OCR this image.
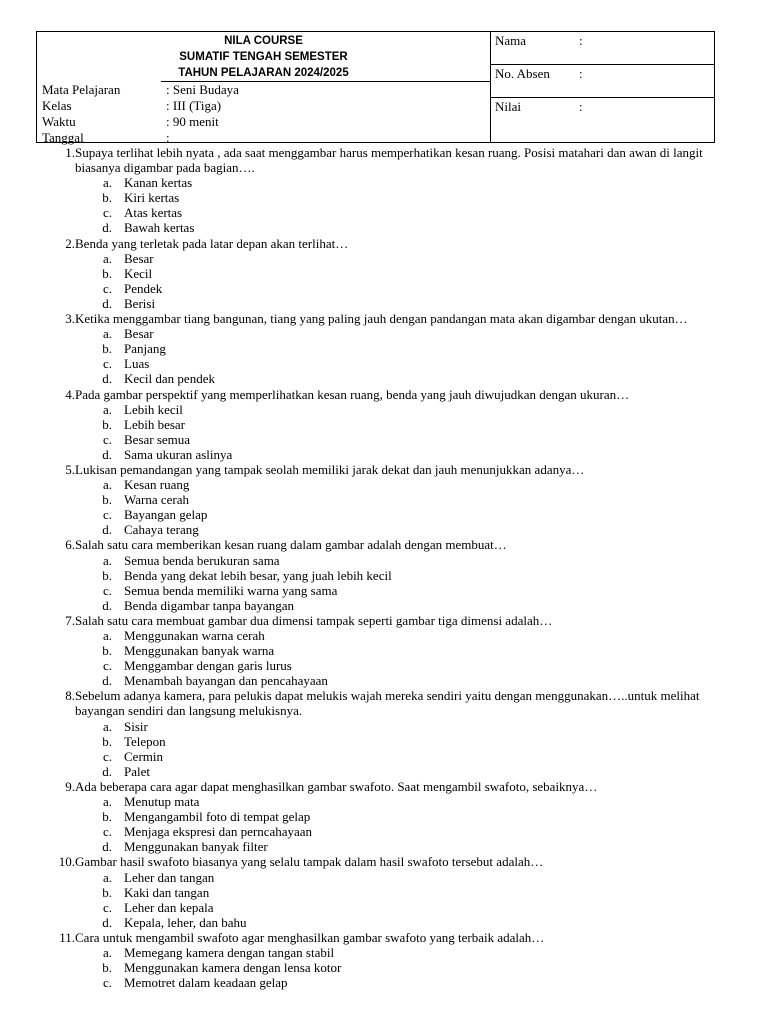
NILA COURSE
SUMATIF TENGAH SEMESTER
TAHUN PELAJARAN 2024/2025
Mata Pelajaran	: Seni Budaya
Kelas	: III (Tiga)
Waktu	: 90 menit
Tanggal	:
Nama	:
No. Absen :
Nilai	:
1. Supaya terlihat lebih nyata , ada saat menggambar harus memperhatikan kesan ruang. Posisi matahari dan awan di langit biasanya digambar pada bagian….
a. Kanan kertas
b. Kiri kertas
c. Atas kertas
d. Bawah kertas
2. Benda yang terletak pada latar depan akan terlihat…
a. Besar
b. Kecil
c. Pendek
d. Berisi
3. Ketika menggambar tiang bangunan, tiang yang paling jauh dengan pandangan mata akan digambar dengan ukutan…
a. Besar
b. Panjang
c. Luas
d. Kecil dan pendek
4. Pada gambar perspektif yang memperlihatkan kesan ruang, benda yang jauh diwujudkan dengan ukuran…
a. Lebih kecil
b. Lebih besar
c. Besar semua
d. Sama ukuran aslinya
5. Lukisan pemandangan yang tampak seolah memiliki jarak dekat dan jauh menunjukkan adanya…
a. Kesan ruang
b. Warna cerah
c. Bayangan gelap
d. Cahaya terang
6. Salah satu cara memberikan kesan ruang dalam gambar adalah dengan membuat…
a. Semua benda berukuran sama
b. Benda yang dekat lebih besar, yang juah lebih kecil
c. Semua benda memiliki warna yang sama
d. Benda digambar tanpa bayangan
7. Salah satu cara membuat gambar dua dimensi tampak seperti gambar tiga dimensi adalah…
a. Menggunakan warna cerah
b. Menggunakan banyak warna
c. Menggambar dengan garis lurus
d. Menambah bayangan dan pencahayaan
8. Sebelum adanya kamera, para pelukis dapat melukis wajah mereka sendiri yaitu dengan menggunakan…..untuk melihat bayangan sendiri dan langsung melukisnya.
a. Sisir
b. Telepon
c. Cermin
d. Palet
9. Ada beberapa cara agar dapat menghasilkan gambar swafoto. Saat mengambil swafoto, sebaiknya…
a. Menutup mata
b. Mengangambil foto di tempat gelap
c. Menjaga ekspresi dan perncahayaan
d. Menggunakan banyak filter
10. Gambar hasil swafoto biasanya yang selalu tampak dalam hasil swafoto tersebut adalah…
a. Leher dan tangan
b. Kaki dan tangan
c. Leher dan kepala
d. Kepala, leher, dan bahu
11. Cara untuk mengambil swafoto agar menghasilkan gambar swafoto yang terbaik adalah…
a. Memegang kamera dengan tangan stabil
b. Menggunakan kamera dengan lensa kotor
c. Memotret dalam keadaan gelap
